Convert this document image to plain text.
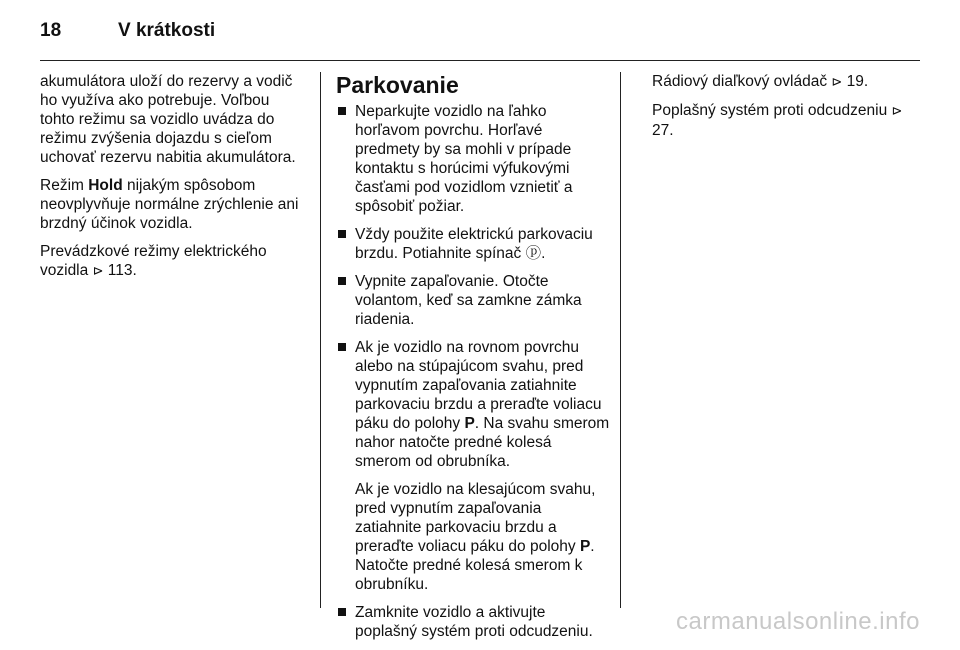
18	V krátkosti

akumulátora uloží do rezervy a vodič ho využíva ako potrebuje. Voľbou tohto režimu sa vozidlo uvádza do režimu zvýšenia dojazdu s cieľom uchovať rezervu nabitia akumulátora.

Režim Hold nijakým spôsobom neovplyvňuje normálne zrýchlenie ani brzdný účinok vozidla.

Prevádzkové režimy elektrického vozidla ⊳ 113.

Parkovanie
Neparkujte vozidlo na ľahko horľavom povrchu. Horľavé predmety by sa mohli v prípade kontaktu s horúcimi výfukovými časťami pod vozidlom vznietiť a spôsobiť požiar.
Vždy použite elektrickú parkovaciu brzdu. Potiahnite spínač ⓟ.
Vypnite zapaľovanie. Otočte volantom, keď sa zamkne zámka riadenia.
Ak je vozidlo na rovnom povrchu alebo na stúpajúcom svahu, pred vypnutím zapaľovania zatiahnite parkovaciu brzdu a preraďte voliacu páku do polohy P. Na svahu smerom nahor natočte predné kolesá smerom od obrubníka.
Ak je vozidlo na klesajúcom svahu, pred vypnutím zapaľovania zatiahnite parkovaciu brzdu a preraďte voliacu páku do polohy P. Natočte predné kolesá smerom k obrubníku.
Zamknite vozidlo a aktivujte poplašný systém proti odcudzeniu.

Rádiový diaľkový ovládač ⊳ 19.

Poplašný systém proti odcudzeniu ⊳ 27.

carmanualsonline.info
